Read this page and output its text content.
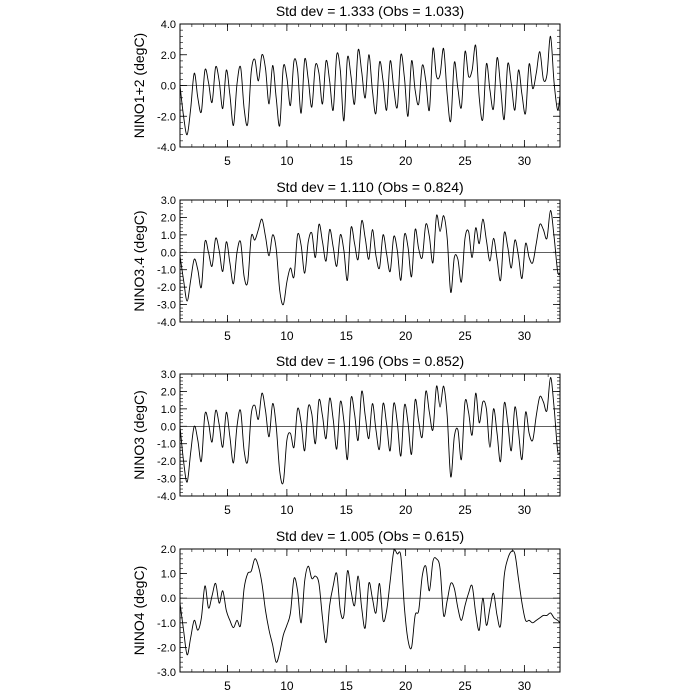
Std dev = 1.333 (Obs = 1.033)
NINO1+2 (degC)
-4.0
-2.0
0.0
2.0
4.0
5	10	15	20	25	30
Std dev = 1.110 (Obs = 0.824)
NINO3.4 (degC)
-4.0
-3.0
-2.0
-1.0
0.0
1.0
2.0
3.0
5	10	15	20	25	30
Std dev = 1.196 (Obs = 0.852)
NINO3 (degC)
-4.0
-3.0
-2.0
-1.0
0.0
1.0
2.0
3.0
5	10	15	20	25	30
Std dev = 1.005 (Obs = 0.615)
NINO4 (degC)
-3.0
-2.0
-1.0
0.0
1.0
2.0
5	10	15	20	25	30
